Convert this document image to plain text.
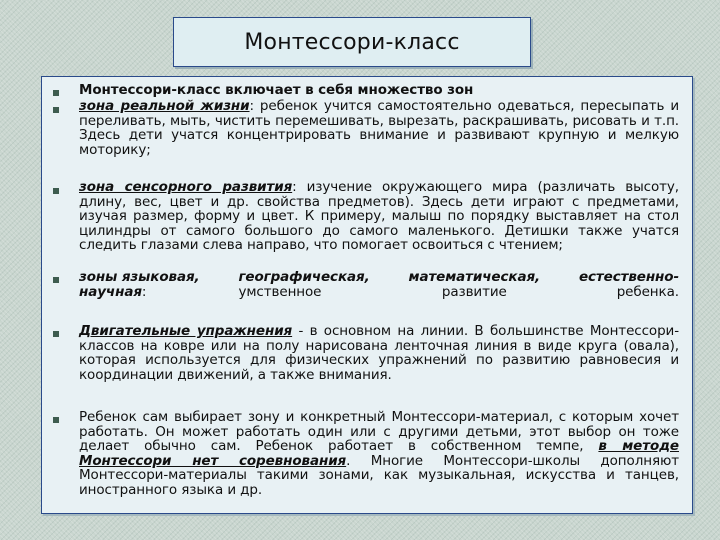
Монтессори-класс
Монтессори-класс включает в себя множество зон
зона реальной жизни: ребенок учится самостоятельно одеваться, пересыпать и переливать, мыть, чистить перемешивать, вырезать, раскрашивать, рисовать и т.п. Здесь дети учатся концентрировать внимание и развивают крупную и мелкую моторику;
зона сенсорного развития: изучение окружающего мира (различать высоту, длину, вес, цвет и др. свойства предметов). Здесь дети играют с предметами, изучая размер, форму и цвет. К примеру, малыш по порядку выставляет на стол цилиндры от самого большого до самого маленького. Детишки также учатся следить глазами слева направо, что помогает освоиться с чтением;
зоны языковая,
научная:
географическая,
умственное
математическая,
развитие
естественно-
ребенка.
Двигательные упражнения - в основном на линии. В большинстве Монтессори-классов на ковре или на полу нарисована ленточная линия в виде круга (овала), которая используется для физических упражнений по развитию равновесия и координации движений, а также внимания.
Ребенок сам выбирает зону и конкретный Монтессори-материал, с которым хочет работать. Он может работать один или с другими детьми, этот выбор он тоже делает обычно сам. Ребенок работает в собственном темпе, в методе Монтессори нет соревнования. Многие Монтессори-школы дополняют Монтессори-материалы такими зонами, как музыкальная, искусства и танцев, иностранного языка и др.
